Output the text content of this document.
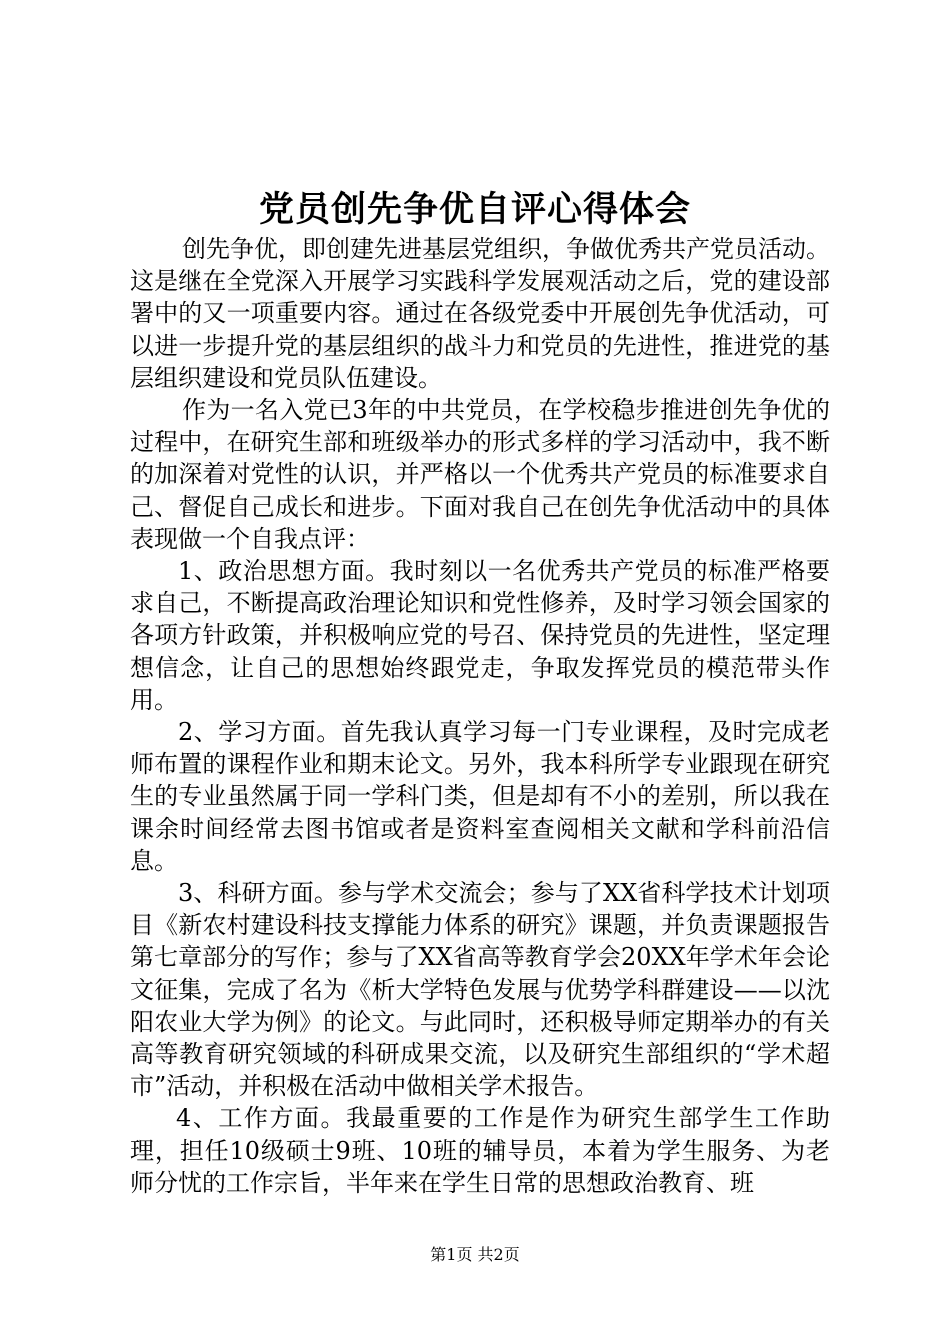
党员创先争优自评心得体会

创先争优，即创建先进基层党组织，争做优秀共产党员活动。这是继在全党深入开展学习实践科学发展观活动之后，党的建设部署中的又一项重要内容。通过在各级党委中开展创先争优活动，可以进一步提升党的基层组织的战斗力和党员的先进性，推进党的基层组织建设和党员队伍建设。

作为一名入党已3年的中共党员，在学校稳步推进创先争优的过程中，在研究生部和班级举办的形式多样的学习活动中，我不断的加深着对党性的认识，并严格以一个优秀共产党员的标准要求自己、督促自己成长和进步。下面对我自己在创先争优活动中的具体表现做一个自我点评：

1、政治思想方面。我时刻以一名优秀共产党员的标准严格要求自己，不断提高政治理论知识和党性修养，及时学习领会国家的各项方针政策，并积极响应党的号召、保持党员的先进性，坚定理想信念，让自己的思想始终跟党走，争取发挥党员的模范带头作用。

2、学习方面。首先我认真学习每一门专业课程，及时完成老师布置的课程作业和期末论文。另外，我本科所学专业跟现在研究生的专业虽然属于同一学科门类，但是却有不小的差别，所以我在课余时间经常去图书馆或者是资料室查阅相关文献和学科前沿信息。

3、科研方面。参与学术交流会；参与了XX省科学技术计划项目《新农村建设科技支撑能力体系的研究》课题，并负责课题报告第七章部分的写作；参与了XX省高等教育学会20XX年学术年会论文征集，完成了名为《析大学特色发展与优势学科群建设——以沈阳农业大学为例》的论文。与此同时，还积极导师定期举办的有关高等教育研究领域的科研成果交流，以及研究生部组织的“学术超市”活动，并积极在活动中做相关学术报告。

4、工作方面。我最重要的工作是作为研究生部学生工作助理，担任10级硕士9班、10班的辅导员，本着为学生服务、为老师分忧的工作宗旨，半年来在学生日常的思想政治教育、班

第1页 共2页
